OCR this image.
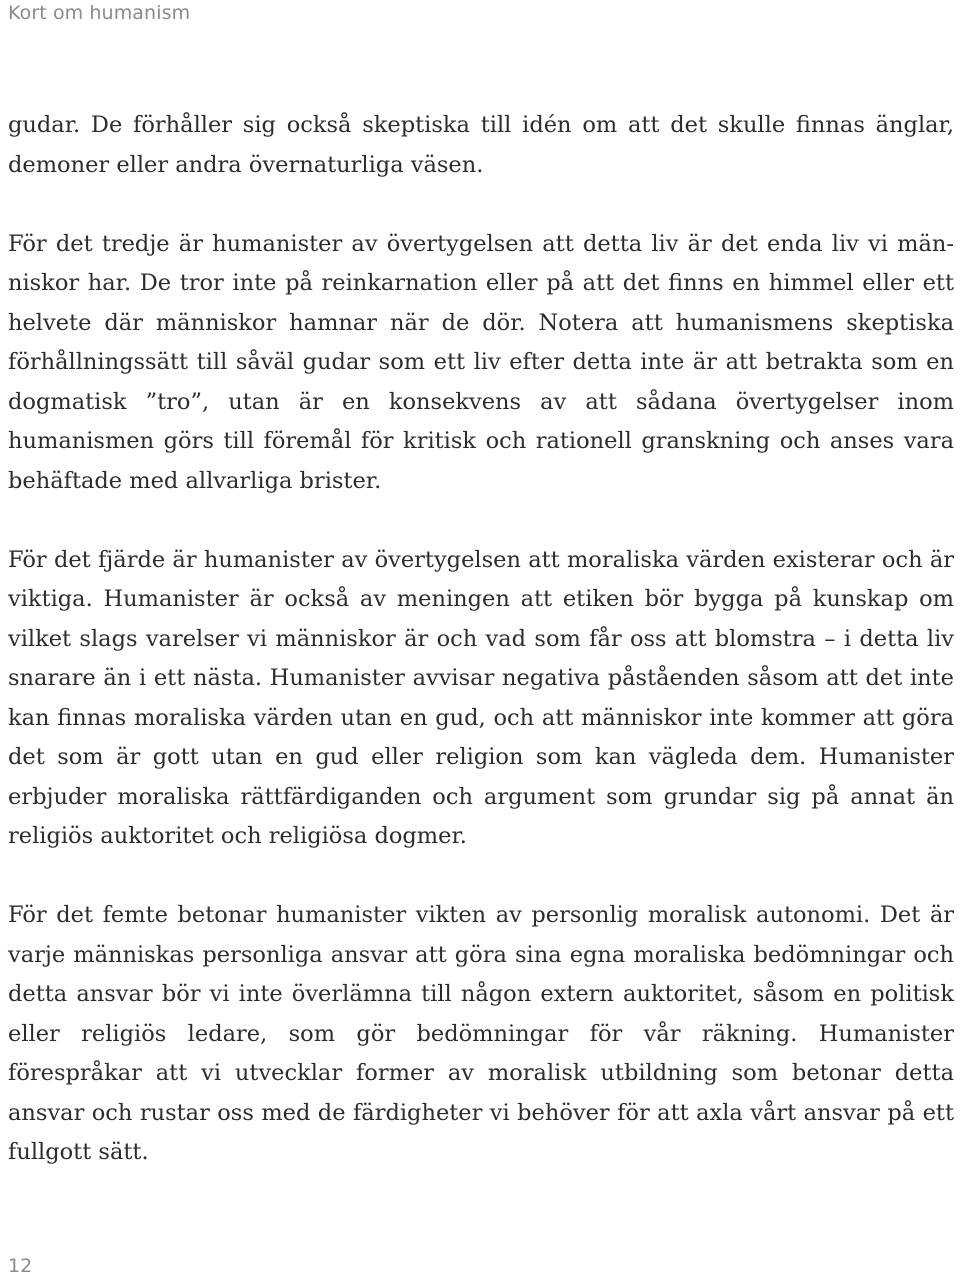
Kort om humanism

gudar. De förhåller sig också skeptiska till idén om att det skulle finnas änglar, demoner eller andra övernaturliga väsen.

För det tredje är humanister av övertygelsen att detta liv är det enda liv vi människor har. De tror inte på reinkarnation eller på att det finns en himmel eller ett helvete där människor hamnar när de dör. Notera att humanismens skeptiska förhållningssätt till såväl gudar som ett liv efter detta inte är att betrakta som en dogmatisk ”tro”, utan är en konsekvens av att sådana övertygelser inom humanismen görs till föremål för kritisk och rationell granskning och anses vara behäftade med allvarliga brister.

För det fjärde är humanister av övertygelsen att moraliska värden existerar och är viktiga. Humanister är också av meningen att etiken bör bygga på kunskap om vilket slags varelser vi människor är och vad som får oss att blomstra – i detta liv snarare än i ett nästa. Humanister avvisar negativa påståenden såsom att det inte kan finnas moraliska värden utan en gud, och att människor inte kommer att göra det som är gott utan en gud eller religion som kan vägleda dem. Humanister erbjuder moraliska rättfärdiganden och argument som grundar sig på annat än religiös auktoritet och religiösa dogmer.

För det femte betonar humanister vikten av personlig moralisk autonomi. Det är varje människas personliga ansvar att göra sina egna moraliska bedömningar och detta ansvar bör vi inte överlämna till någon extern auktoritet, såsom en politisk eller religiös ledare, som gör bedömningar för vår räkning. Humanister förespråkar att vi utvecklar former av moralisk utbildning som betonar detta ansvar och rustar oss med de färdigheter vi behöver för att axla vårt ansvar på ett fullgott sätt.

12
